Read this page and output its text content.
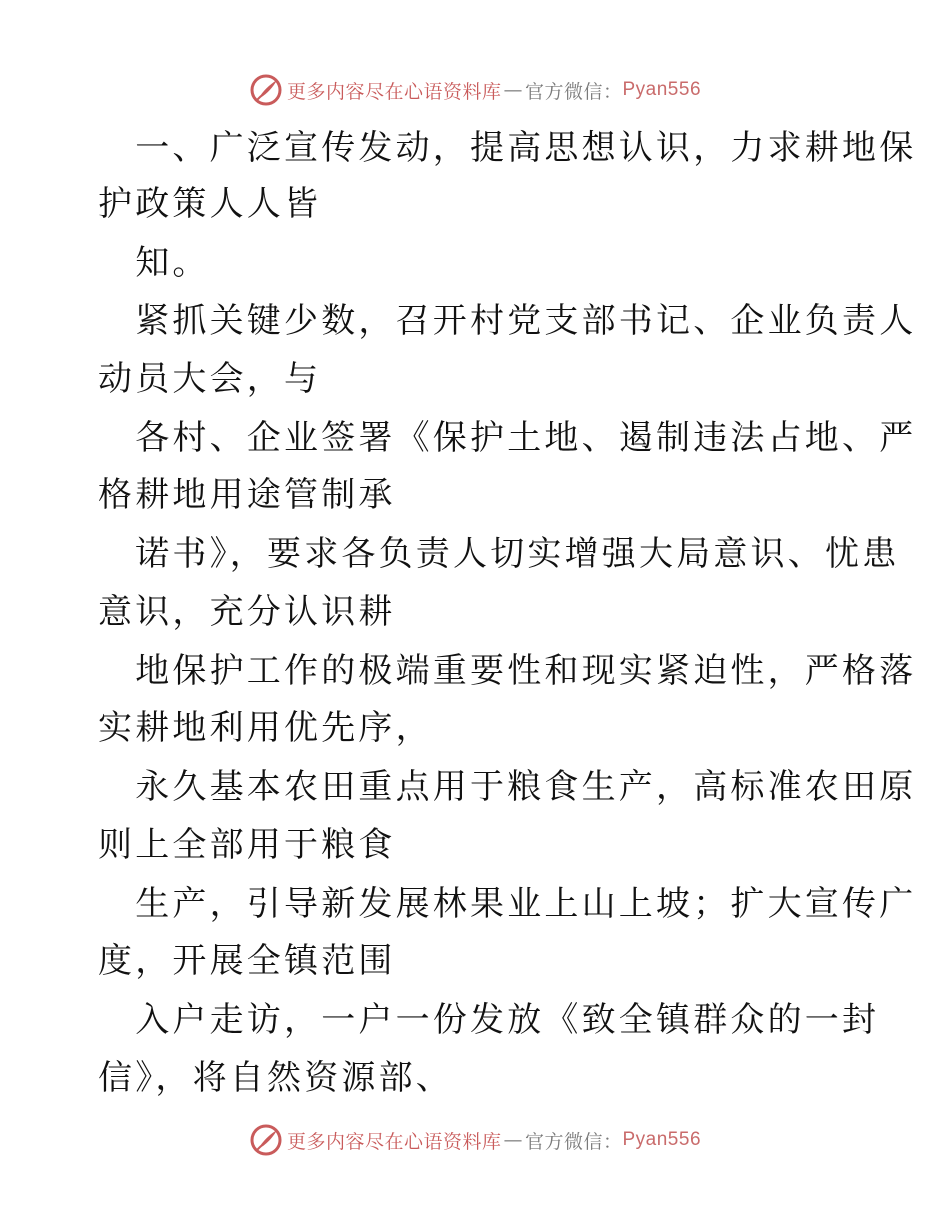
更多内容尽在心语资料库 — 官方微信： Pyan556
　一、广泛宣传发动，提高思想认识，力求耕地保
护政策人人皆
　知。
　紧抓关键少数，召开村党支部书记、企业负责人
动员大会，与
　各村、企业签署《保护土地、遏制违法占地、严
格耕地用途管制承
　诺书》，要求各负责人切实增强大局意识、忧患
意识，充分认识耕
　地保护工作的极端重要性和现实紧迫性，严格落
实耕地利用优先序，
　永久基本农田重点用于粮食生产，高标准农田原
则上全部用于粮食
　生产，引导新发展林果业上山上坡；扩大宣传广
度，开展全镇范围
　入户走访，一户一份发放《致全镇群众的一封
信》，将自然资源部、
更多内容尽在心语资料库 — 官方微信： Pyan556
